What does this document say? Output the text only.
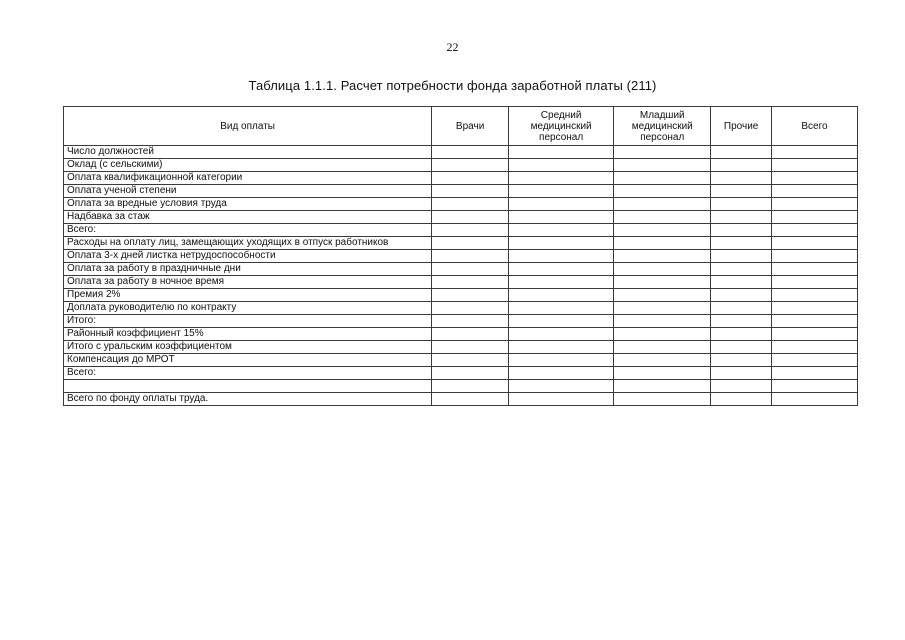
22
Таблица 1.1.1. Расчет потребности фонда заработной платы (211)
Вид оплаты	Врачи	Средний медицинский персонал	Младший медицинский персонал	Прочие	Всего
Число должностей					
Оклад (с сельскими)					
Оплата квалификационной категории					
Оплата ученой степени					
Оплата за вредные условия труда					
Надбавка за стаж					
Всего:					
Расходы на оплату лиц, замещающих уходящих в отпуск работников					
Оплата 3-х дней листка нетрудоспособности					
Оплата за работу в праздничные дни					
Оплата за работу в ночное время					
Премия 2%					
Доплата руководителю по контракту					
Итого:					
Районный коэффициент 15%					
Итого с уральским коэффициентом					
Компенсация до МРОТ					
Всего:					

Всего по фонду оплаты труда.					
